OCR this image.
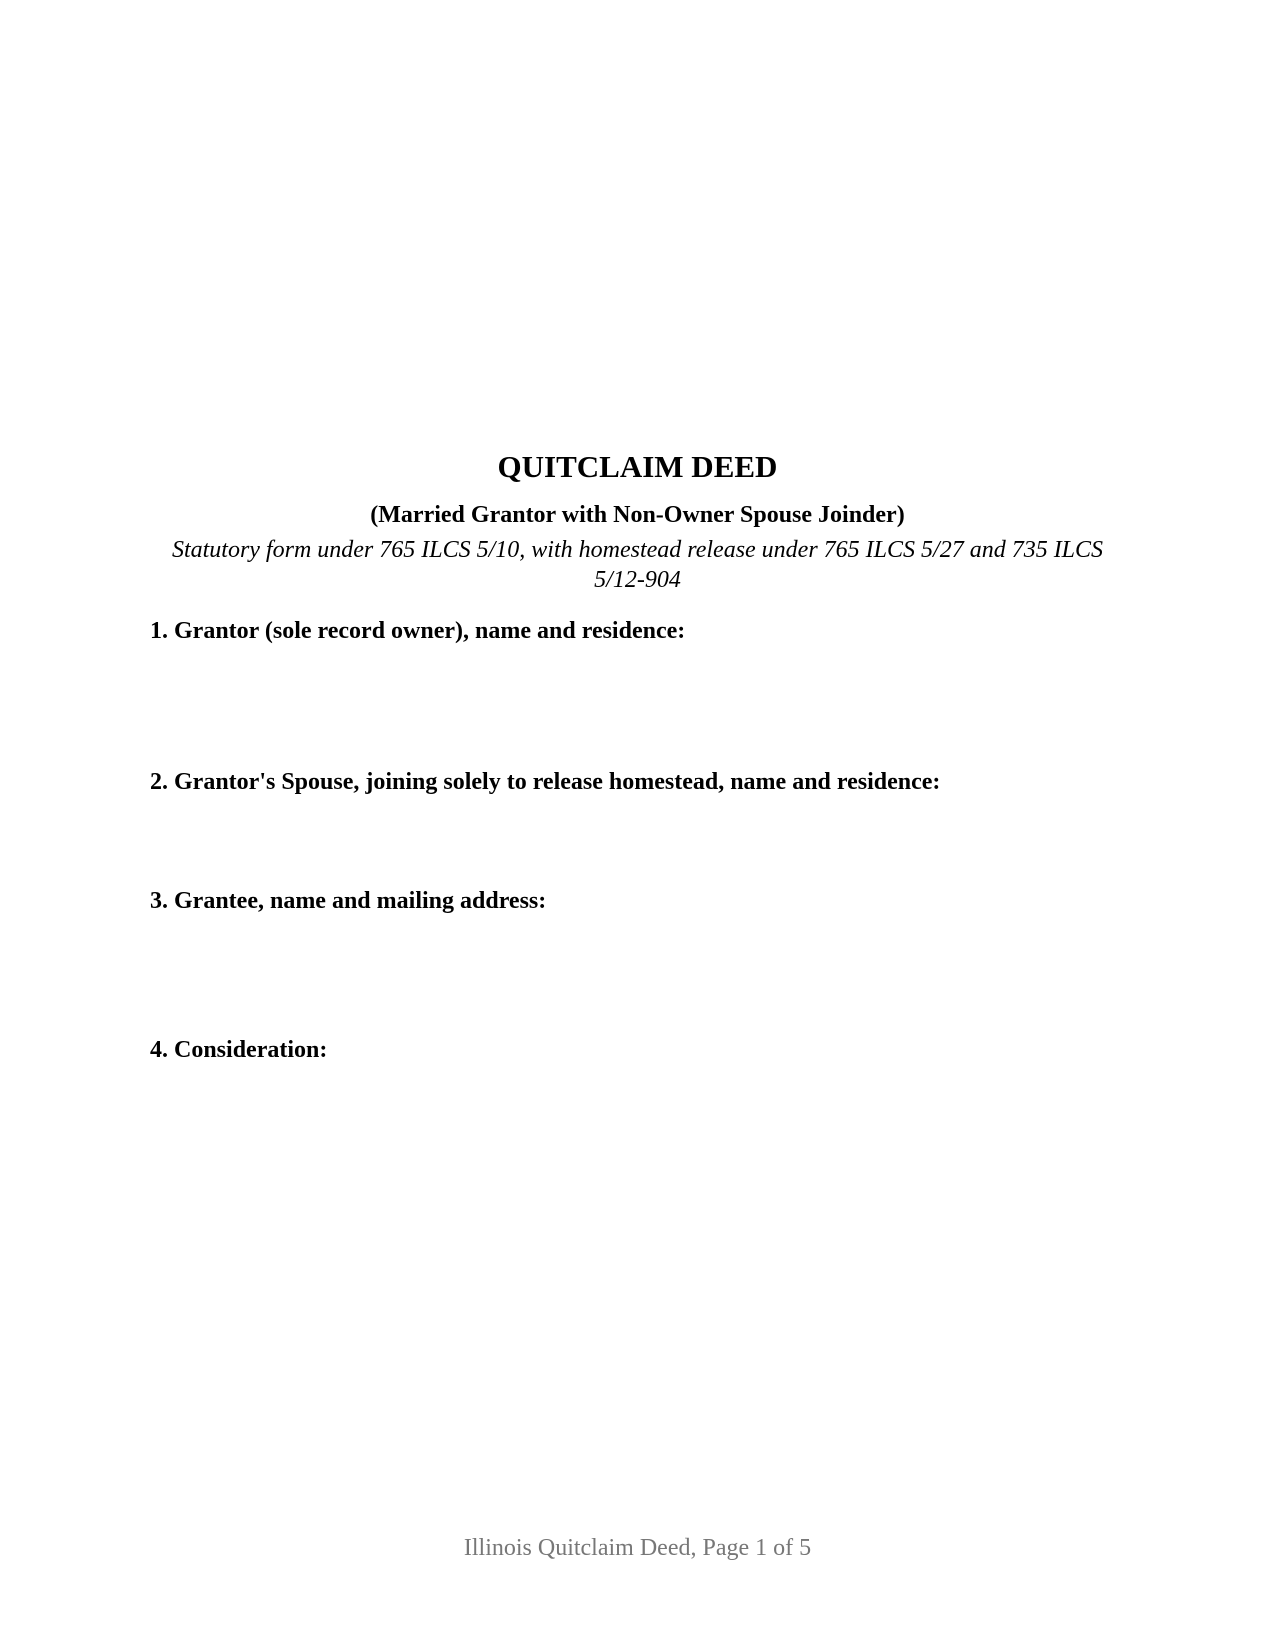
QUITCLAIM DEED
(Married Grantor with Non-Owner Spouse Joinder)

Statutory form under 765 ILCS 5/10, with homestead release under 765 ILCS 5/27 and 735 ILCS 5/12-904

1. Grantor (sole record owner), name and residence:
2. Grantor's Spouse, joining solely to release homestead, name and residence:
3. Grantee, name and mailing address:
4. Consideration:

Illinois Quitclaim Deed, Page 1 of 5
